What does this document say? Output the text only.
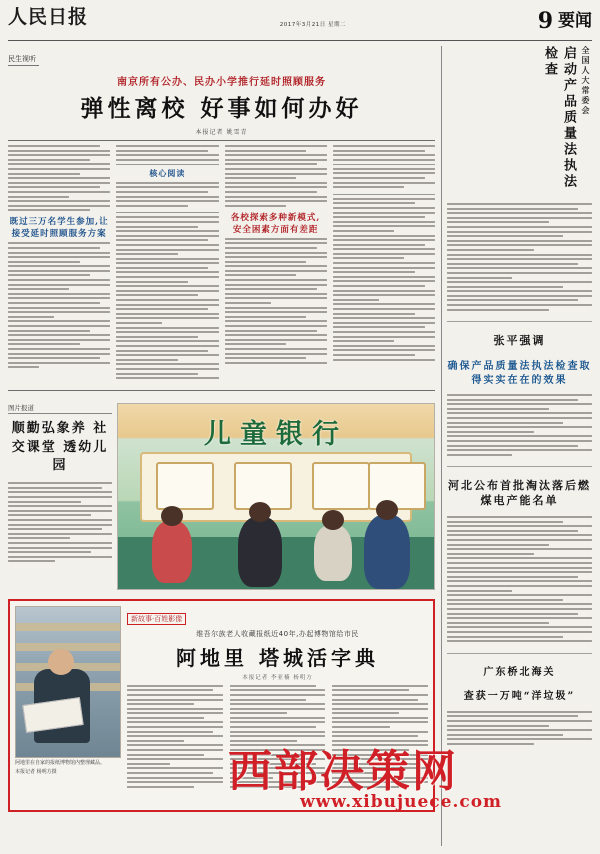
人民日报	2017年3月21日 星期二	9 要闻
民生视听
南京所有公办、民办小学推行延时照顾服务
弹性离校 好事如何办好
本报记者 姚雪青
既过三万名学生参加,让 接受延时照顾服务方案
核心阅读
各校探索多种新模式, 安全困素方面有差距
图片报道
顺勤弘象养 社交课堂 透幼儿园
儿童银行
阿地里在自家的报纸博物馆内整理藏品。
本报记者 杨明方摄
新故事·百姓影像
维吾尔族老人收藏报纸近40年,办起博物馆给市民
阿地里 塔城活字典
本报记者 李亚楠 杨明方
启动产品质量法执法检查	全国人大常委会
张平强调
确保产品质量法执法检查取得实实在在的效果
河北公布首批淘汰落后燃煤电产能名单
广东桥北海关
查获一万吨“洋垃圾”
西部决策网
www.xibujuece.com
